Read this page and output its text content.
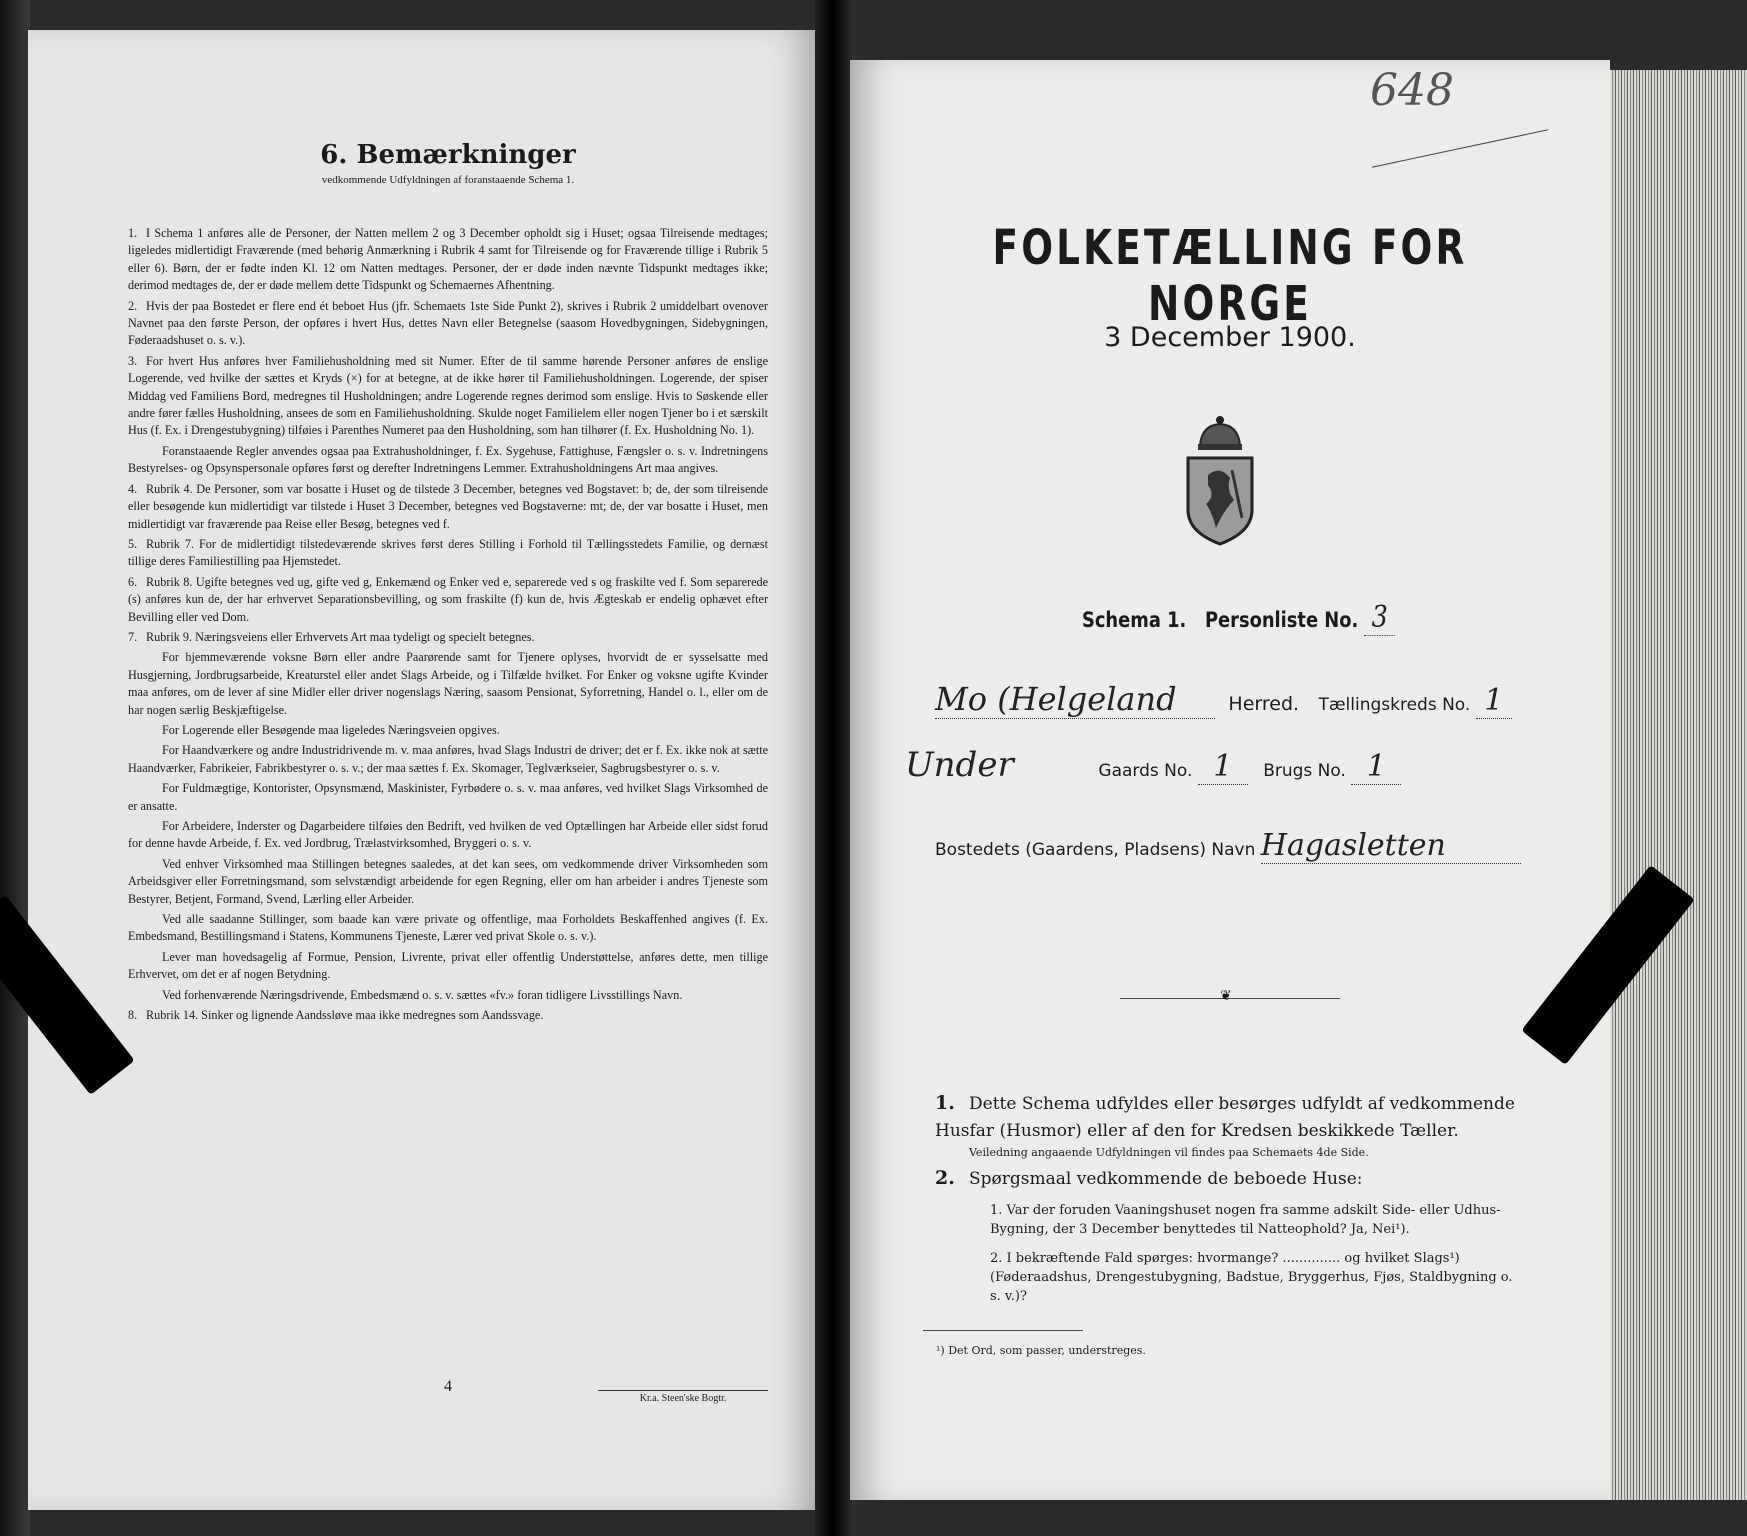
6. Bemærkninger
vedkommende Udfyldningen af foranstaaende Schema 1.

1. I Schema 1 anføres alle de Personer, der Natten mellem 2 og 3 December opholdt sig i Huset; ogsaa Tilreisende medtages; ligeledes midlertidigt Fraværende (med behørig Anmærkning i Rubrik 4 samt for Tilreisende og for Fraværende tillige i Rubrik 5 eller 6). Børn, der er fødte inden Kl. 12 om Natten medtages. Personer, der er døde inden nævnte Tidspunkt medtages ikke; derimod medtages de, der er døde mellem dette Tidspunkt og Schemaernes Afhentning.

2. Hvis der paa Bostedet er flere end ét beboet Hus (jfr. Schemaets 1ste Side Punkt 2), skrives i Rubrik 2 umiddelbart ovenover Navnet paa den første Person, der opføres i hvert Hus, dettes Navn eller Betegnelse (saasom Hovedbygningen, Sidebygningen, Føderaadshuset o. s. v.).

3. For hvert Hus anføres hver Familiehusholdning med sit Numer. Efter de til samme hørende Personer anføres de enslige Logerende, ved hvilke der sættes et Kryds (×) for at betegne, at de ikke hører til Familiehusholdningen. Logerende, der spiser Middag ved Familiens Bord, medregnes til Husholdningen; andre Logerende regnes derimod som enslige. Hvis to Søskende eller andre fører fælles Husholdning, ansees de som en Familiehusholdning. Skulde noget Familielem eller nogen Tjener bo i et særskilt Hus (f. Ex. i Drengestubygning) tilføies i Parenthes Numeret paa den Husholdning, som han tilhører (f. Ex. Husholdning No. 1).

Foranstaaende Regler anvendes ogsaa paa Extrahusholdninger, f. Ex. Sygehuse, Fattighuse, Fængsler o. s. v. Indretningens Bestyrelses- og Opsynspersonale opføres først og derefter Indretningens Lemmer. Extrahusholdningens Art maa angives.

4. Rubrik 4. De Personer, som var bosatte i Huset og de tilstede 3 December, betegnes ved Bogstavet: b; de, der som tilreisende eller besøgende kun midlertidigt var tilstede i Huset 3 December, betegnes ved Bogstaverne: mt; de, der var bosatte i Huset, men midlertidigt var fraværende paa Reise eller Besøg, betegnes ved f.

5. Rubrik 7. For de midlertidigt tilstedeværende skrives først deres Stilling i Forhold til Tællingsstedets Familie, og dernæst tillige deres Familiestilling paa Hjemstedet.

6. Rubrik 8. Ugifte betegnes ved ug, gifte ved g, Enkemænd og Enker ved e, separerede ved s og fraskilte ved f. Som separerede (s) anføres kun de, der har erhvervet Separationsbevilling, og som fraskilte (f) kun de, hvis Ægteskab er endelig ophævet efter Bevilling eller ved Dom.

7. Rubrik 9. Næringsveiens eller Erhvervets Art maa tydeligt og specielt betegnes.

For hjemmeværende voksne Børn eller andre Paarørende samt for Tjenere oplyses, hvorvidt de er sysselsatte med Husgjerning, Jordbrugsarbeide, Kreaturstel eller andet Slags Arbeide, og i Tilfælde hvilket. For Enker og voksne ugifte Kvinder maa anføres, om de lever af sine Midler eller driver nogenslags Næring, saasom Pensionat, Syforretning, Handel o. l., eller om de har nogen særlig Beskjæftigelse.

For Logerende eller Besøgende maa ligeledes Næringsveien opgives.

For Haandværkere og andre Industridrivende m. v. maa anføres, hvad Slags Industri de driver; det er f. Ex. ikke nok at sætte Haandværker, Fabrikeier, Fabrikbestyrer o. s. v.; der maa sættes f. Ex. Skomager, Teglværkseier, Sagbrugsbestyrer o. s. v.

For Fuldmægtige, Kontorister, Opsynsmænd, Maskinister, Fyrbødere o. s. v. maa anføres, ved hvilket Slags Virksomhed de er ansatte.

For Arbeidere, Inderster og Dagarbeidere tilføies den Bedrift, ved hvilken de ved Optællingen har Arbeide eller sidst forud for denne havde Arbeide, f. Ex. ved Jordbrug, Trælastvirksomhed, Bryggeri o. s. v.

Ved enhver Virksomhed maa Stillingen betegnes saaledes, at det kan sees, om vedkommende driver Virksomheden som Arbeidsgiver eller Forretningsmand, som selvstændigt arbeidende for egen Regning, eller om han arbeider i andres Tjeneste som Bestyrer, Betjent, Formand, Svend, Lærling eller Arbeider.

Ved alle saadanne Stillinger, som baade kan være private og offentlige, maa Forholdets Beskaffenhed angives (f. Ex. Embedsmand, Bestillingsmand i Statens, Kommunens Tjeneste, Lærer ved privat Skole o. s. v.).

Lever man hovedsagelig af Formue, Pension, Livrente, privat eller offentlig Understøttelse, anføres dette, men tillige Erhvervet, om det er af nogen Betydning.

Ved forhenværende Næringsdrivende, Embedsmænd o. s. v. sættes «fv.» foran tidligere Livsstillings Navn.

8. Rubrik 14. Sinker og lignende Aandssløve maa ikke medregnes som Aandssvage.

4
Kr.a. Steen'ske Bogtr.
648
FOLKETÆLLING FOR NORGE
3 December 1900.
Schema 1. Personliste No. 3
Mo (Helgeland	Herred. Tællingskreds No. 1
Under	Gaards No. 1 Brugs No. 1
Bostedets (Gaardens, Pladsens) Navn Hagasletten
❦
1. Dette Schema udfyldes eller besørges udfyldt af vedkommende Husfar (Husmor) eller af den for Kredsen beskikkede Tæller.
Veiledning angaaende Udfyldningen vil findes paa Schemaets 4de Side.
2. Spørgsmaal vedkommende de beboede Huse:
1. Var der foruden Vaaningshuset nogen fra samme adskilt Side- eller Udhus-Bygning, der 3 December benyttedes til Natteophold? Ja, Nei¹).
2. I bekræftende Fald spørges: hvormange? .............. og hvilket Slags¹) (Føderaadshus, Drengestubygning, Badstue, Bryggerhus, Fjøs, Staldbygning o. s. v.)?
¹) Det Ord, som passer, understreges.
